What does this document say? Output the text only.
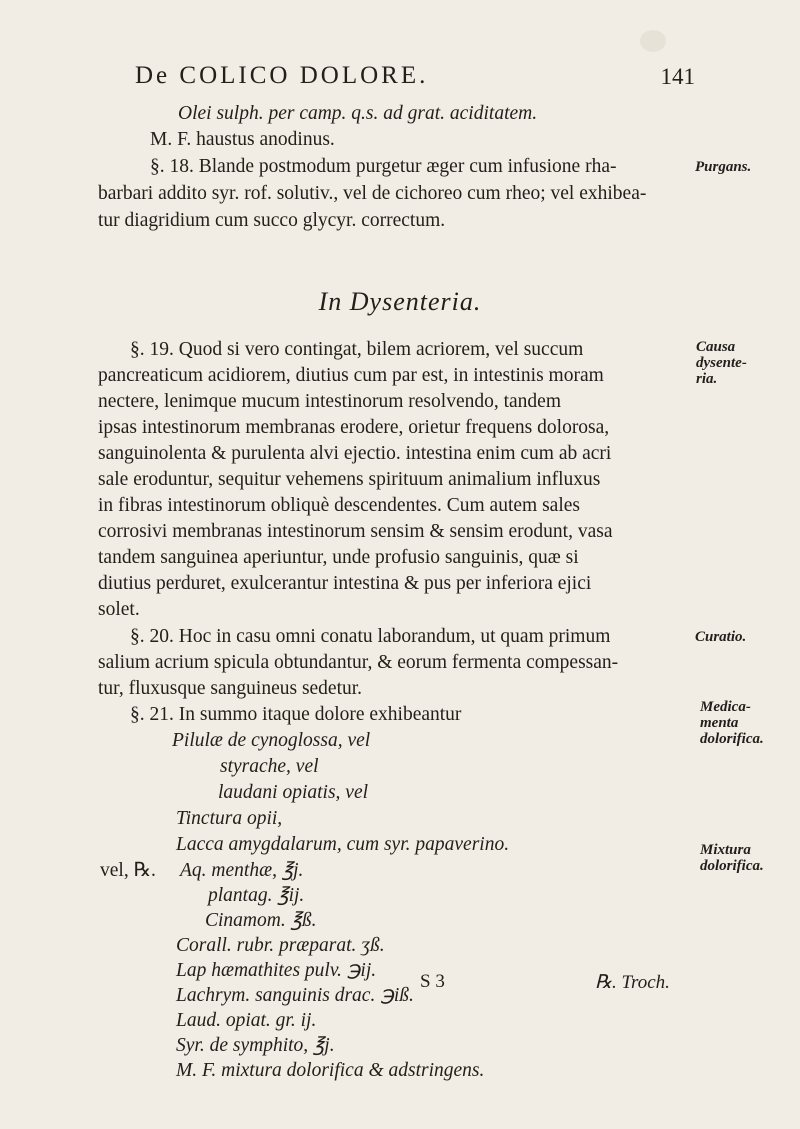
De COLICO DOLORE.	141
Olei sulph. per camp. q.s. ad grat. aciditatem.
M. F. haustus anodinus.
§. 18. Blande postmodum purgetur æger cum infusione rha-
barbari addito syr. rof. solutiv., vel de cichoreo cum rheo; vel exhibea-
tur diagridium cum succo glycyr. correctum.
In Dysenteria.
§. 19. Quod si vero contingat, bilem acriorem, vel succum
pancreaticum acidiorem, diutius cum par est, in intestinis moram
nectere, lenimque mucum intestinorum resolvendo, tandem
ipsas intestinorum membranas erodere, orietur frequens dolorosa,
sanguinolenta & purulenta alvi ejectio. intestina enim cum ab acri
sale eroduntur, sequitur vehemens spirituum animalium influxus
in fibras intestinorum obliquè descendentes. Cum autem sales
corrosivi membranas intestinorum sensim & sensim erodunt, vasa
tandem sanguinea aperiuntur, unde profusio sanguinis, quæ si
diutius perduret, exulcerantur intestina & pus per inferiora ejici
solet.
§. 20. Hoc in casu omni conatu laborandum, ut quam primum
salium acrium spicula obtundantur, & eorum fermenta compessan-
tur, fluxusque sanguineus sedetur.
§. 21. In summo itaque dolore exhibeantur
Pilulæ de cynoglossa, vel
styrache, vel
laudani opiatis, vel
Tinctura opii,
Lacca amygdalarum, cum syr. papaverino.
vel, ℞. Aq. menthæ, ℥j.
plantag. ℥ij.
Cinamom. ℥ß.
Corall. rubr. præparat. ʒß.
Lap hæmathites pulv. ℈ij.
Lachrym. sanguinis drac. ℈iß.
Laud. opiat. gr. ij.
Syr. de symphito, ℥j.
M. F. mixtura dolorifica & adstringens.
Purgans.
Causa
dysente-
ria.
Curatio.
Medica-
menta
dolorifica.
Mixtura
dolorifica.
S 3	℞. Troch.
